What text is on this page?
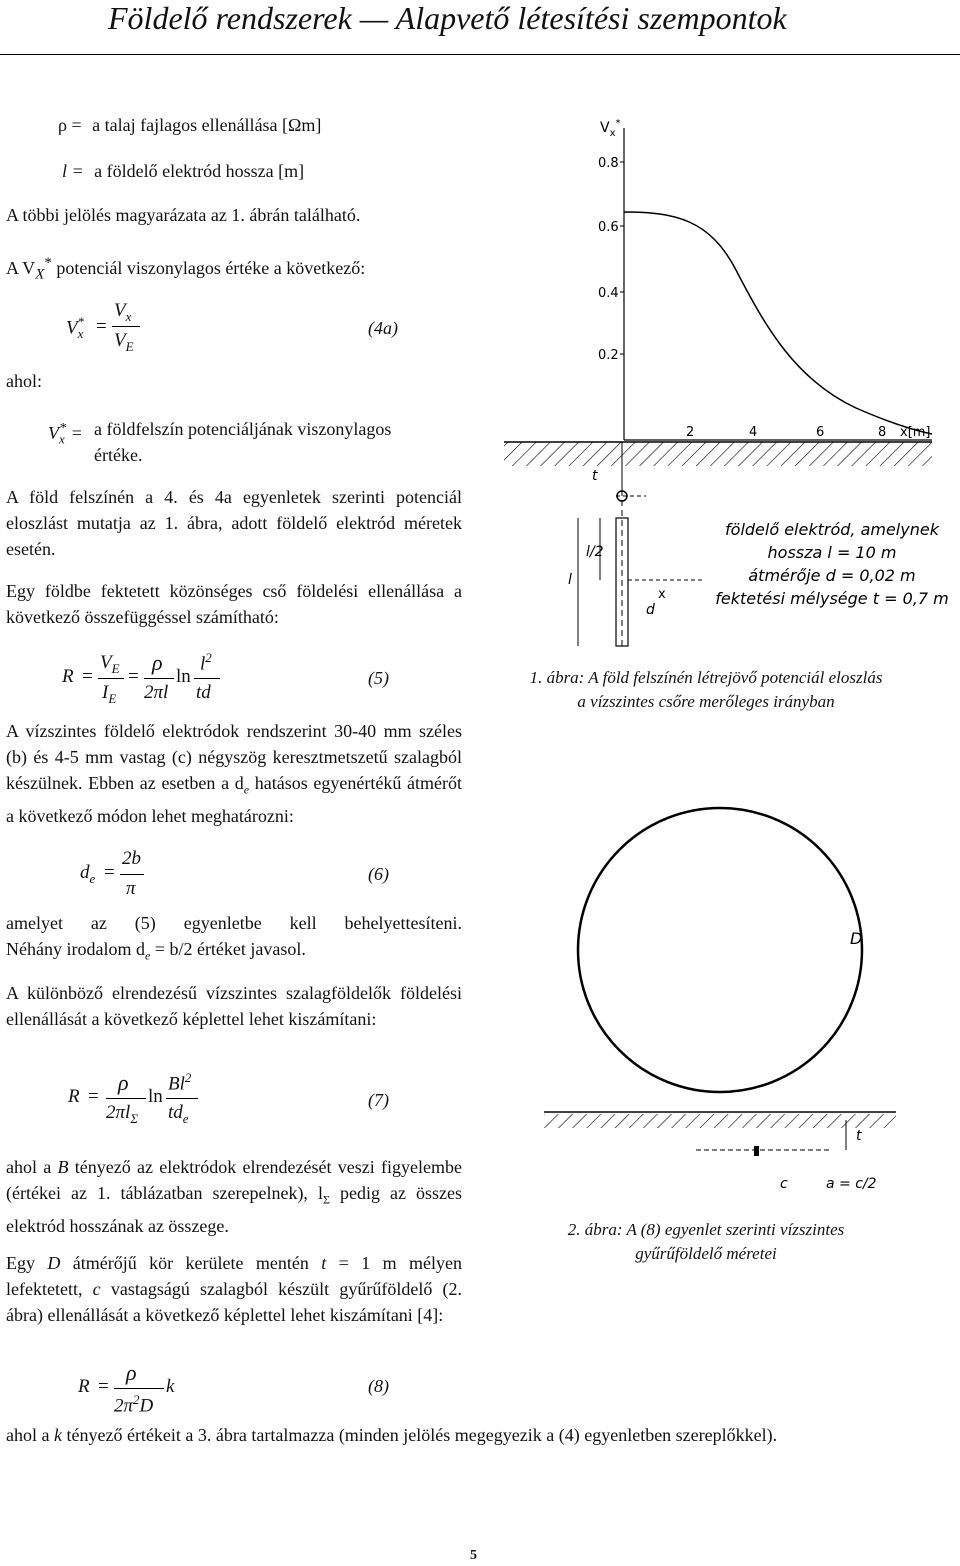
Földelő rendszerek — Alapvető létesítési szempontok
ρ = a talaj fajlagos ellenállása [Ωm]
l = a földelő elektród hossza [m]
A többi jelölés magyarázata az 1. ábrán található.
A $V_X^*$ potenciál viszonylagos értéke a következő:
$V_x^*$ =
$V_x$
$V_E$
(4a)
ahol:
$V_x^* = a$ földfelszín potenciáljának viszonylagos
értéke.
A föld felszínén a 4. és 4a egyenletek szerinti potenciál eloszlást mutatja az 1. ábra, adott földelő elektród méretek esetén.
Egy földbe fektetett közönséges cső földelési ellenállása a következő összefüggéssel számítható:
R =
$V_E$
$I_E$
=
ρ
2πl
ln
$l^2$
td
(5)
A vízszintes földelő elektródok rendszerint 30-40 mm széles (b) és 4-5 mm vastag (c) négyszög keresztmetszetű szalagból készülnek. Ebben az esetben a $d_e$ hatásos egyenértékű átmérőt a következő módon lehet meghatározni:
$d_e$ =
2b
π
(6)
amelyet az (5) egyenletbe kell behelyettesíteni.
Néhány irodalom $d_e = b/2$ értéket javasol.
A különböző elrendezésű vízszintes szalagföldelők földelési ellenállását a következő képlettel lehet kiszámítani:
R =
ρ
$2\pi l_\Sigma$
ln
Bl$^2$
$td_e$
(7)
ahol a B tényező az elektródok elrendezését veszi figyelembe (értékei az 1. táblázatban szerepelnek), $l_\Sigma$ pedig az összes elektród hosszának az összege.
Egy D átmérőjű kör kerülete mentén t = 1 m mélyen lefektetett, c vastagságú szalagból készült gyűrűföldelő (2. ábra) ellenállását a következő képlettel lehet kiszámítani [4]:
R =
ρ
$2\pi^2D$
k	(8)
ahol a k tényező értékeit a 3. ábra tartalmazza (minden jelölés megegyezik a (4) egyenletben szereplőkkel).
$V_x^*$
0.8
0.6
0.4
0.2
2	4	6	8 x[m]
t
l/2
l
x
d
földelő elektród, amelynek
hossza l = 10 m
átmérője d = 0,02 m
fektetési mélysége t = 0,7 m
1. ábra: A föld felszínén létrejövő potenciál eloszlás
a vízszintes csőre merőleges irányban
D
t
c	a = c/2
2. ábra: A (8) egyenlet szerinti vízszintes
gyűrűföldelő méretei
5
